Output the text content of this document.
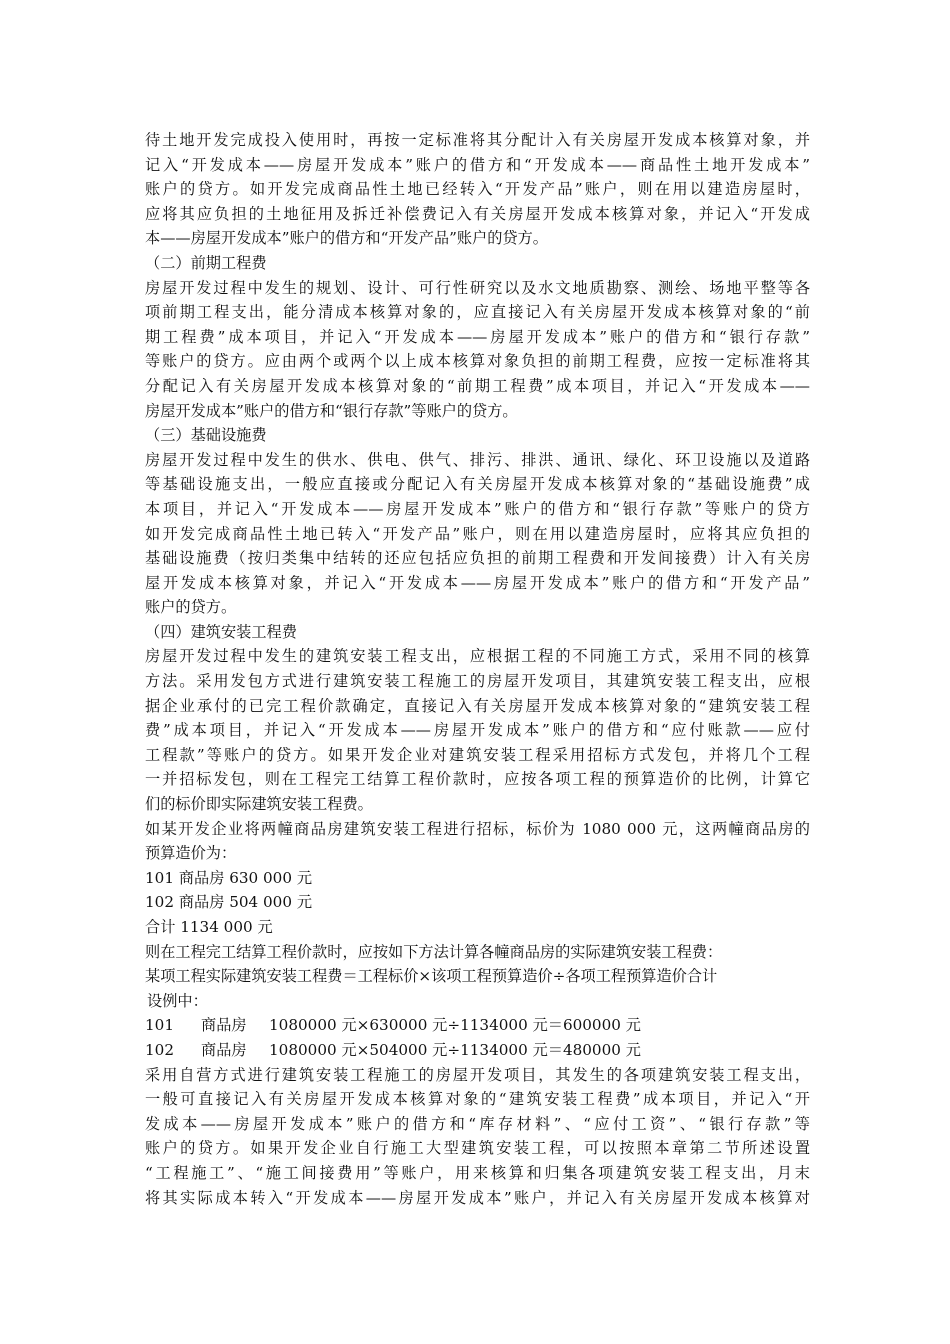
待土地开发完成投入使用时，再按一定标准将其分配计入有关房屋开发成本核算对象，并
记入“开发成本——房屋开发成本”账户的借方和“开发成本——商品性土地开发成本”
账户的贷方。如开发完成商品性土地已经转入“开发产品”账户，则在用以建造房屋时，
应将其应负担的土地征用及拆迁补偿费记入有关房屋开发成本核算对象，并记入“开发成
本——房屋开发成本”账户的借方和“开发产品”账户的贷方。
（二）前期工程费
房屋开发过程中发生的规划、设计、可行性研究以及水文地质勘察、测绘、场地平整等各
项前期工程支出，能分清成本核算对象的，应直接记入有关房屋开发成本核算对象的“前
期工程费”成本项目，并记入“开发成本——房屋开发成本”账户的借方和“银行存款”
等账户的贷方。应由两个或两个以上成本核算对象负担的前期工程费，应按一定标准将其
分配记入有关房屋开发成本核算对象的“前期工程费”成本项目，并记入“开发成本——
房屋开发成本”账户的借方和“银行存款”等账户的贷方。
（三）基础设施费
房屋开发过程中发生的供水、供电、供气、排污、排洪、通讯、绿化、环卫设施以及道路
等基础设施支出，一般应直接或分配记入有关房屋开发成本核算对象的“基础设施费”成
本项目，并记入“开发成本——房屋开发成本”账户的借方和“银行存款”等账户的贷方
如开发完成商品性土地已转入“开发产品”账户，则在用以建造房屋时，应将其应负担的
基础设施费（按归类集中结转的还应包括应负担的前期工程费和开发间接费）计入有关房
屋开发成本核算对象，并记入“开发成本——房屋开发成本”账户的借方和“开发产品”
账户的贷方。
（四）建筑安装工程费
房屋开发过程中发生的建筑安装工程支出，应根据工程的不同施工方式，采用不同的核算
方法。采用发包方式进行建筑安装工程施工的房屋开发项目，其建筑安装工程支出，应根
据企业承付的已完工程价款确定，直接记入有关房屋开发成本核算对象的“建筑安装工程
费”成本项目，并记入“开发成本——房屋开发成本”账户的借方和“应付账款——应付
工程款”等账户的贷方。如果开发企业对建筑安装工程采用招标方式发包，并将几个工程
一并招标发包，则在工程完工结算工程价款时，应按各项工程的预算造价的比例，计算它
们的标价即实际建筑安装工程费。
如某开发企业将两幢商品房建筑安装工程进行招标，标价为 1080 000 元，这两幢商品房的
预算造价为：
101 商品房 630 000 元
102 商品房 504 000 元
合计 1134 000 元
则在工程完工结算工程价款时，应按如下方法计算各幢商品房的实际建筑安装工程费：
某项工程实际建筑安装工程费＝工程标价×该项工程预算造价÷各项工程预算造价合计
设例中：
101 商品房 1080000 元×630000 元÷1134000 元＝600000 元
102 商品房 1080000 元×504000 元÷1134000 元＝480000 元
采用自营方式进行建筑安装工程施工的房屋开发项目，其发生的各项建筑安装工程支出，
一般可直接记入有关房屋开发成本核算对象的“建筑安装工程费”成本项目，并记入“开
发成本——房屋开发成本”账户的借方和“库存材料”、“应付工资”、“银行存款”等
账户的贷方。如果开发企业自行施工大型建筑安装工程，可以按照本章第二节所述设置
“工程施工”、“施工间接费用”等账户，用来核算和归集各项建筑安装工程支出，月末
将其实际成本转入“开发成本——房屋开发成本”账户，并记入有关房屋开发成本核算对
